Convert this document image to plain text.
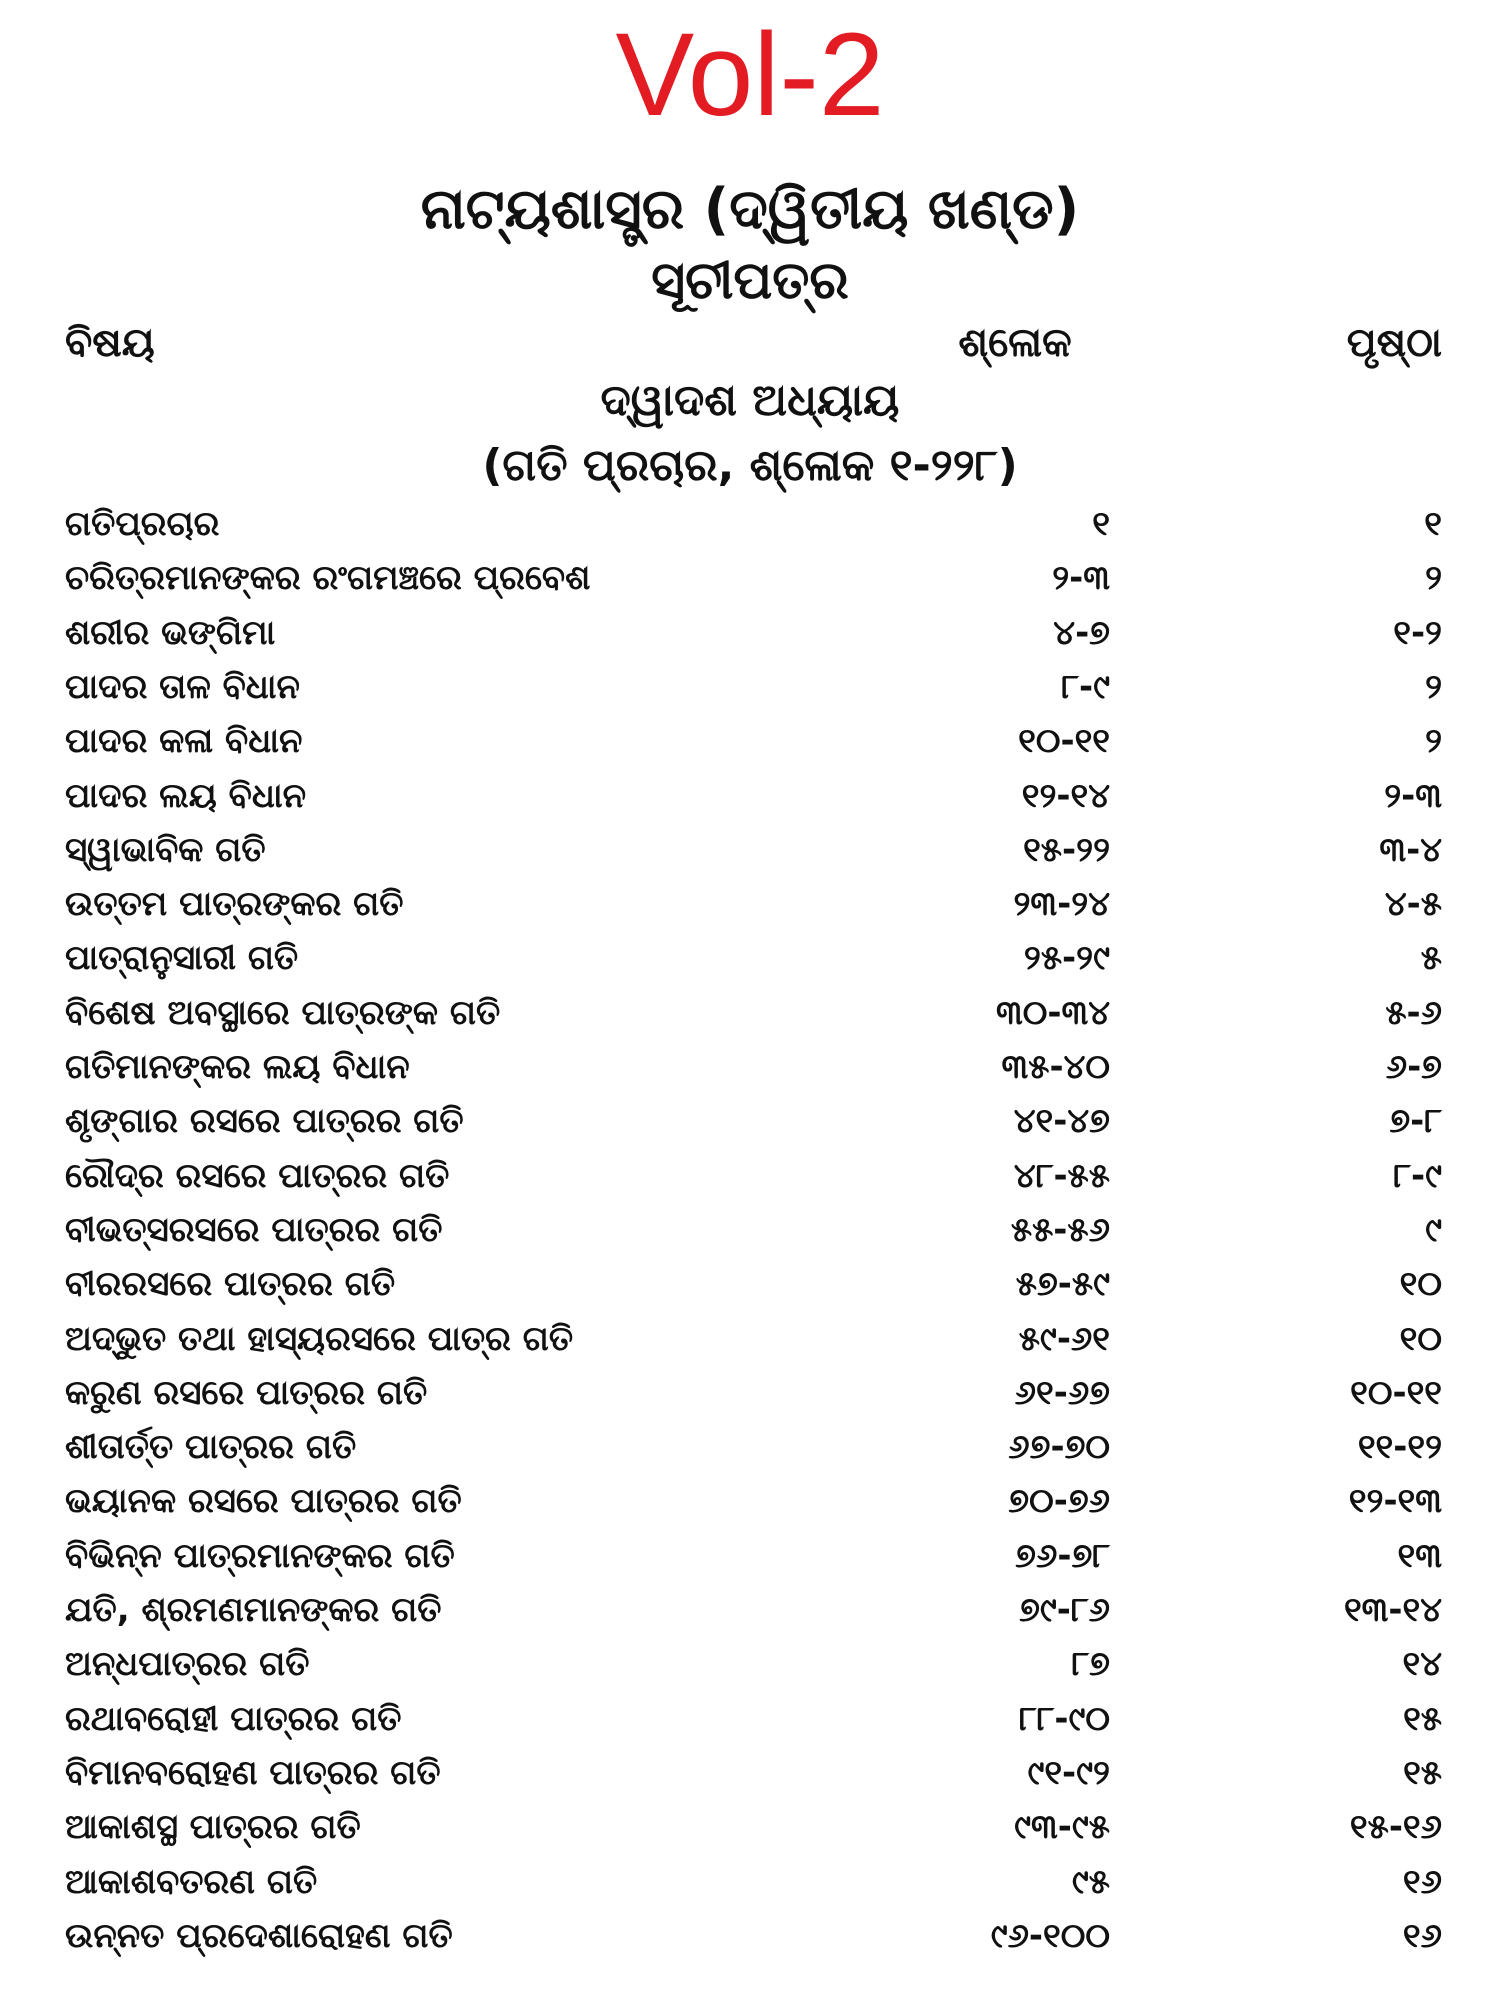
Vol-2
ନାଟ୍ୟଶାସ୍ତ୍ର (ଦ୍ୱିତୀୟ ଖଣ୍ଡ)
ସୂଚୀପତ୍ର
ବିଷୟ	ଶ୍ଳୋକ	ପୃଷ୍ଠା
ଦ୍ୱାଦଶ ଅଧ୍ୟାୟ
(ଗତି ପ୍ରଚାର, ଶ୍ଳୋକ ୧-୨୨୮)
ଗତିପ୍ରଚାର	୧	୧
ଚରିତ୍ରମାନଙ୍କର ରଂଗମଞ୍ଚରେ ପ୍ରବେଶ	୨-୩	୨
ଶରୀର ଭଙ୍ଗିମା	୪-୭	୧-୨
ପାଦର ତାଳ ବିଧାନ	୮-୯	୨
ପାଦର କଳା ବିଧାନ	୧୦-୧୧	୨
ପାଦର ଲୟ ବିଧାନ	୧୨-୧୪	୨-୩
ସ୍ୱାଭାବିକ ଗତି	୧୫-୨୨	୩-୪
ଉତ୍ତମ ପାତ୍ରଙ୍କର ଗତି	୨୩-୨୪	୪-୫
ପାତ୍ରାନୁସାରୀ ଗତି	୨୫-୨୯	୫
ବିଶେଷ ଅବସ୍ଥାରେ ପାତ୍ରଙ୍କ ଗତି	୩୦-୩୪	୫-୬
ଗତିମାନଙ୍କର ଲୟ ବିଧାନ	୩୫-୪୦	୬-୭
ଶୃଙ୍ଗାର ରସରେ ପାତ୍ରର ଗତି	୪୧-୪୭	୭-୮
ରୌଦ୍ର ରସରେ ପାତ୍ରର ଗତି	୪୮-୫୫	୮-୯
ବୀଭତ୍ସରସରେ ପାତ୍ରର ଗତି	୫୫-୫୬	୯
ବୀରରସରେ ପାତ୍ରର ଗତି	୫୭-୫୯	୧୦
ଅଦ୍ଭୁତ ତଥା ହାସ୍ୟରସରେ ପାତ୍ର ଗତି	୫୯-୬୧	୧୦
କରୁଣ ରସରେ ପାତ୍ରର ଗତି	୬୧-୬୭	୧୦-୧୧
ଶୀତାର୍ତ୍ତ ପାତ୍ରର ଗତି	୬୭-୭୦	୧୧-୧୨
ଭୟାନକ ରସରେ ପାତ୍ରର ଗତି	୭୦-୭୬	୧୨-୧୩
ବିଭିନ୍ନ ପାତ୍ରମାନଙ୍କର ଗତି	୭୬-୭୮	୧୩
ଯତି, ଶ୍ରମଣମାନଙ୍କର ଗତି	୭୯-୮୬	୧୩-୧୪
ଅନ୍ଧପାତ୍ରର ଗତି	୮୭	୧୪
ରଥାବରୋହୀ ପାତ୍ରର ଗତି	୮୮-୯୦	୧୫
ବିମାନବରୋହଣ ପାତ୍ରର ଗତି	୯୧-୯୨	୧୫
ଆକାଶସ୍ଥ ପାତ୍ରର ଗତି	୯୩-୯୫	୧୫-୧୬
ଆକାଶବତରଣ ଗତି	୯୫	୧୬
ଉନ୍ନତ ପ୍ରଦେଶାରୋହଣ ଗତି	୯୬-୧୦୦	୧୬
